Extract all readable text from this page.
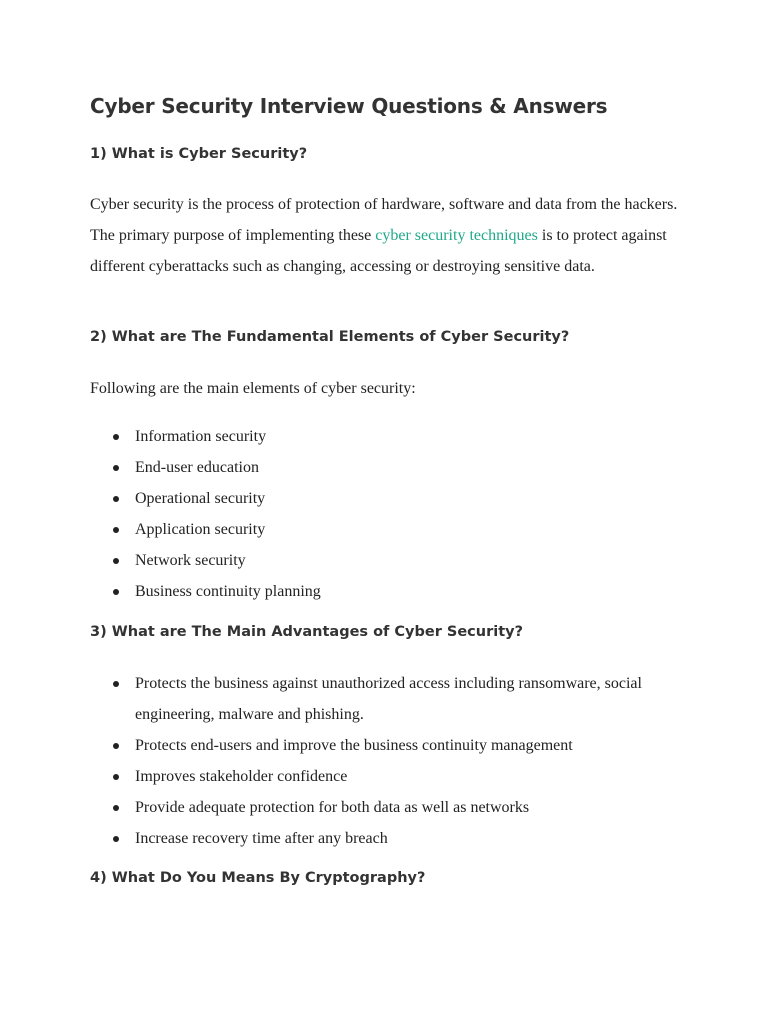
Cyber Security Interview Questions & Answers
1) What is Cyber Security?

Cyber security is the process of protection of hardware, software and data from the hackers. The primary purpose of implementing these cyber security techniques is to protect against different cyberattacks such as changing, accessing or destroying sensitive data.

2) What are The Fundamental Elements of Cyber Security?

Following are the main elements of cyber security:

Information security
End-user education
Operational security
Application security
Network security
Business continuity planning
3) What are The Main Advantages of Cyber Security?
Protects the business against unauthorized access including ransomware, social engineering, malware and phishing.
Protects end-users and improve the business continuity management
Improves stakeholder confidence
Provide adequate protection for both data as well as networks
Increase recovery time after any breach
4) What Do You Means By Cryptography?
